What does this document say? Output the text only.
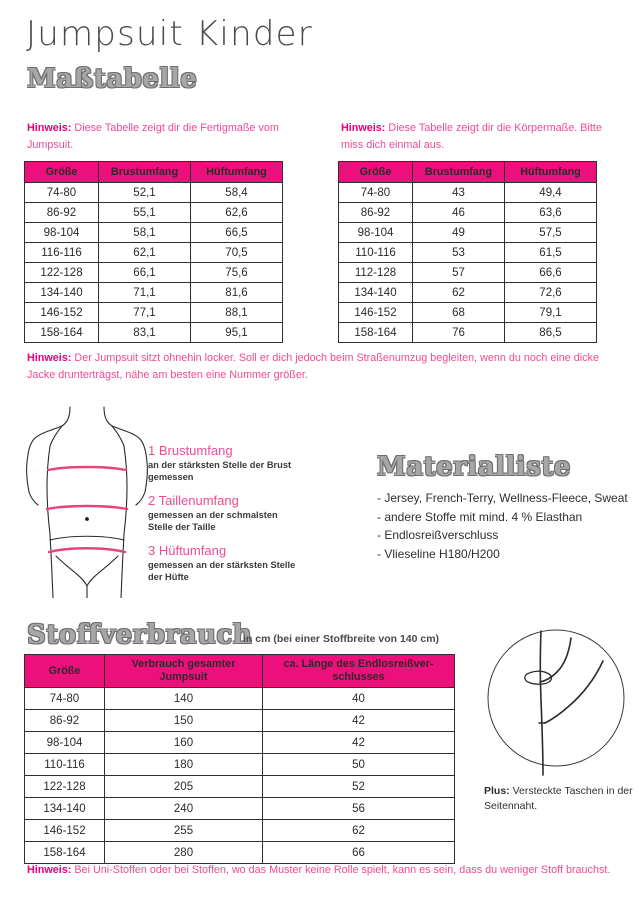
Jumpsuit Kinder
Maßtabelle
Hinweis: Diese Tabelle zeigt dir die Fertigmaße vom Jumpsuit.
Hinweis: Diese Tabelle zeigt dir die Körpermaße. Bitte miss dich einmal aus.
Größe	Brustumfang	Hüftumfang
74-80	52,1	58,4
86-92	55,1	62,6
98-104	58,1	66,5
116-116	62,1	70,5
122-128	66,1	75,6
134-140	71,1	81,6
146-152	77,1	88,1
158-164	83,1	95,1
Größe	Brustumfang	Hüftumfang
74-80	43	49,4
86-92	46	63,6
98-104	49	57,5
110-116	53	61,5
112-128	57	66,6
134-140	62	72,6
146-152	68	79,1
158-164	76	86,5
Hinweis: Der Jumpsuit sitzt ohnehin locker. Soll er dich jedoch beim Straßenumzug begleiten, wenn du noch eine dicke Jacke drunterträgst, nähe am besten eine Nummer größer.
1 Brustumfang
an der stärksten Stelle der Brust gemessen
2 Taillenumfang
gemessen an der schmalsten Stelle der Taille
3 Hüftumfang
gemessen an der stärksten Stelle der Hüfte
Materialliste
- Jersey, French-Terry, Wellness-Fleece, Sweat
- andere Stoffe mit mind. 4 % Elasthan
- Endlosreißverschluss
- Vlieseline H180/H200
Stoffverbrauch
in cm (bei einer Stoffbreite von 140 cm)
Größe	Verbrauch gesamter Jumpsuit	ca. Länge des Endlosreißver-schlusses
74-80	140	40
86-92	150	42
98-104	160	42
110-116	180	50
122-128	205	52
134-140	240	56
146-152	255	62
158-164	280	66
Plus: Versteckte Taschen in der Seitennaht.
Hinweis: Bei Uni-Stoffen oder bei Stoffen, wo das Muster keine Rolle spielt, kann es sein, dass du weniger Stoff brauchst.
